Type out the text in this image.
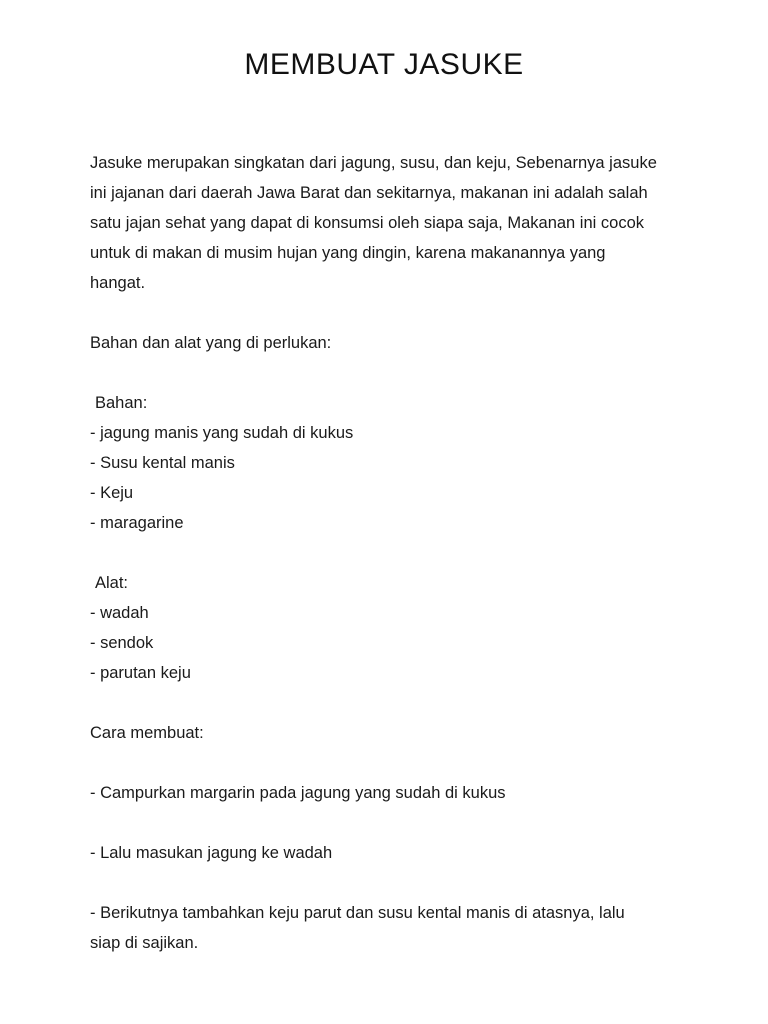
MEMBUAT JASUKE

Jasuke merupakan singkatan dari jagung, susu, dan keju, Sebenarnya jasuke

ini jajanan dari daerah Jawa Barat dan sekitarnya, makanan ini adalah salah

satu jajan sehat yang dapat di konsumsi oleh siapa saja, Makanan ini cocok

untuk di makan di musim hujan yang dingin, karena makanannya yang

hangat.

Bahan dan alat yang di perlukan:

Bahan:

- jagung manis yang sudah di kukus

- Susu kental manis

- Keju

- maragarine

Alat:

- wadah

- sendok

- parutan keju

Cara membuat:

- Campurkan margarin pada jagung yang sudah di kukus

- Lalu masukan jagung ke wadah

- Berikutnya tambahkan keju parut dan susu kental manis di atasnya, lalu

siap di sajikan.
